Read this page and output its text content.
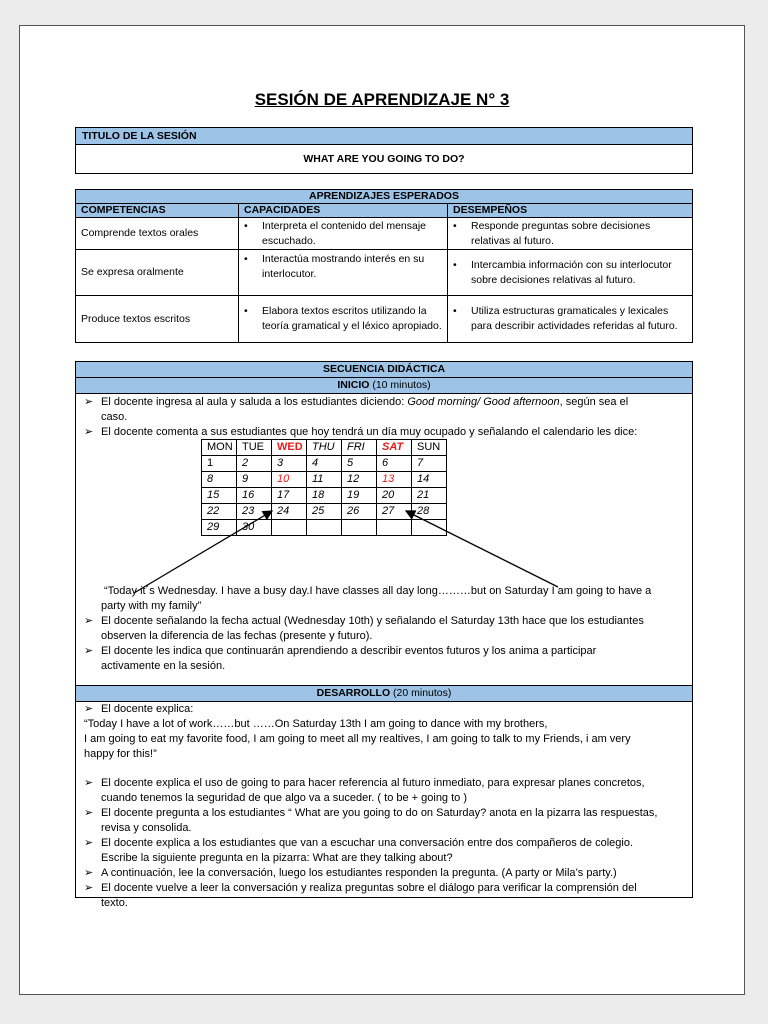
SESIÓN DE APRENDIZAJE N° 3
TITULO DE LA SESIÓN
WHAT ARE YOU GOING TO DO?
APRENDIZAJES ESPERADOS		
COMPETENCIAS	CAPACIDADES	DESEMPEÑOS
Comprende textos orales	• Interpreta el contenido del mensaje escuchado.	• Responde preguntas sobre decisiones relativas al futuro.

Se expresa oralmente	• Interactúa mostrando interés en su interlocutor.	• Intercambia información con su interlocutor sobre decisiones relativas al futuro.

Produce textos escritos	• Elabora textos escritos utilizando la teoría gramatical y el léxico apropiado.	• Utiliza estructuras gramaticales y lexicales para describir actividades referidas al futuro.
SECUENCIA DIDÁCTICA
INICIO (10 minutos)
➢ El docente ingresa al aula y saluda a los estudiantes diciendo: Good morning/ Good afternoon, según sea el
caso.
➢ El docente comenta a sus estudiantes que hoy tendrá un día muy ocupado y señalando el calendario les dice:
MON	TUE	WED	THU	FRI	SAT	SUN
1	2	3	4	5	6	7
8	9	10	11	12	13	14
15	16	17	18	19	20	21
22	23	24	25	26	27	28
29	30					
“Today it´s Wednesday. I have a busy day.I have classes all day long………but on Saturday I am going to have a
party with my family”
➢ El docente señalando la fecha actual (Wednesday 10th) y señalando el Saturday 13th hace que los estudiantes
observen la diferencia de las fechas (presente y futuro).
➢ El docente les indica que continuarán aprendiendo a describir eventos futuros y los anima a participar
activamente en la sesión.
DESARROLLO (20 minutos)
➢ El docente explica:
“Today I have a lot of work……but ……On Saturday 13th I am going to dance with my brothers,
I am going to eat my favorite food, I am going to meet all my realtives, I am going to talk to my Friends, i am very
happy for this!”
➢ El docente explica el uso de going to para hacer referencia al futuro inmediato, para expresar planes concretos,
cuando tenemos la seguridad de que algo va a suceder. ( to be + going to )
➢ El docente pregunta a los estudiantes “ What are you going to do on Saturday? anota en la pizarra las respuestas,
revisa y consolida.
➢ El docente explica a los estudiantes que van a escuchar una conversación entre dos compañeros de colegio.
Escribe la siguiente pregunta en la pizarra: What are they talking about?
➢ A continuación, lee la conversación, luego los estudiantes responden la pregunta. (A party or Mila’s party.)
➢ El docente vuelve a leer la conversación y realiza preguntas sobre el diálogo para verificar la comprensión del
texto.
